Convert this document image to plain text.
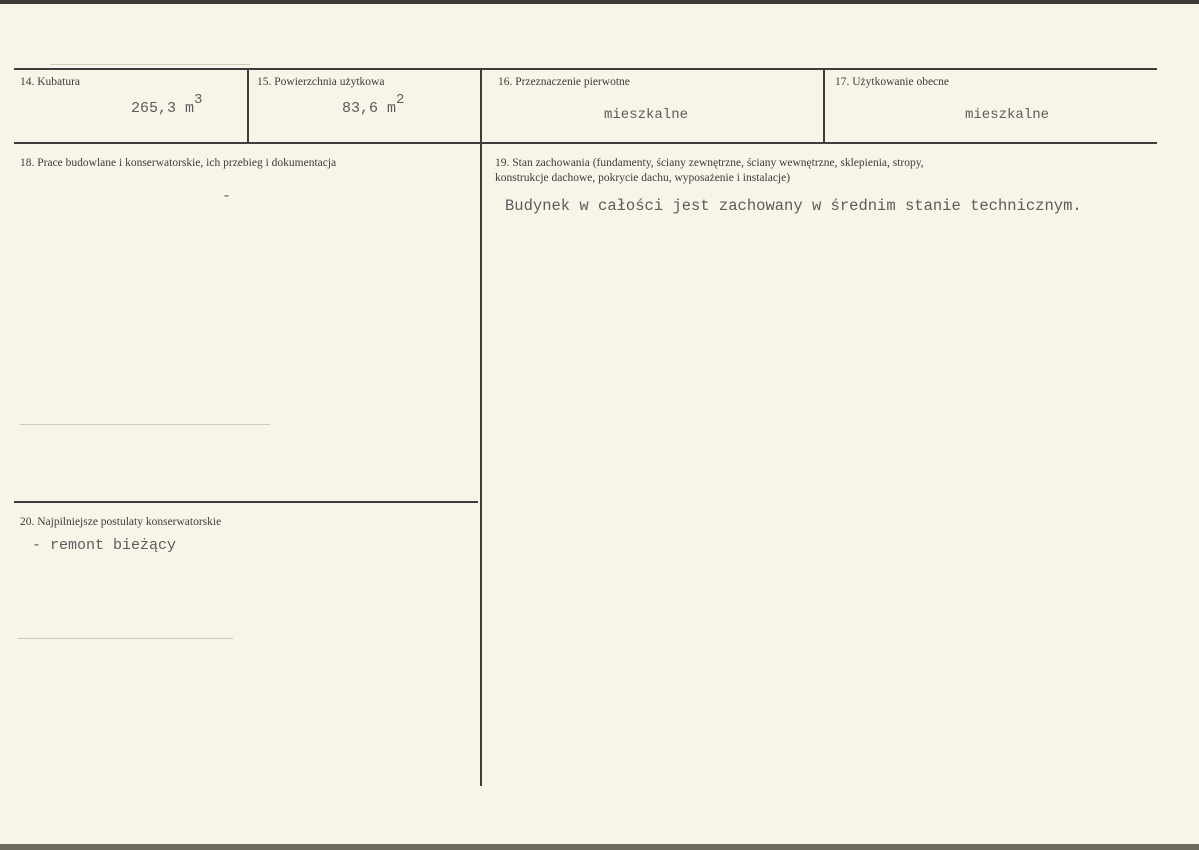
14. Kubatura
265,3 m3
15. Powierzchnia użytkowa
83,6 m2
16. Przeznaczenie pierwotne
mieszkalne
17. Użytkowanie obecne
mieszkalne
18. Prace budowlane i konserwatorskie, ich przebieg i dokumentacja
-
19. Stan zachowania (fundamenty, ściany zewnętrzne, ściany wewnętrzne, sklepienia, stropy,
konstrukcje dachowe, pokrycie dachu, wyposażenie i instalacje)
Budynek w całości jest zachowany w średnim stanie technicznym.
20. Najpilniejsze postulaty konserwatorskie
- remont bieżący
